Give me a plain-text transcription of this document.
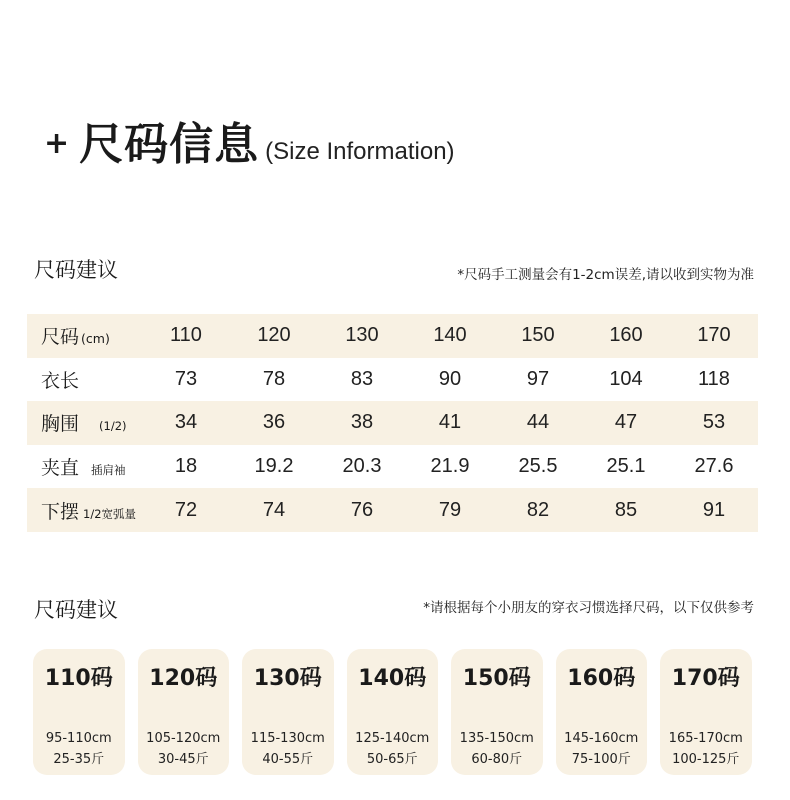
+ 尺码信息 (Size Information)
尺码建议	*尺码手工测量会有1-2cm误差,请以收到实物为准
尺码 (cm)	110	120	130	140	150	160	170
衣长	73	78	83	90	97	104	118
胸围 (1/2)	34	36	38	41	44	47	53
夹直 插肩袖	18	19.2	20.3	21.9	25.5	25.1	27.6
下摆 1/2宽弧量	72	74	76	79	82	85	91
尺码建议	*请根据每个小朋友的穿衣习惯选择尺码，以下仅供参考
110码
95-110cm
25-35斤
120码
105-120cm
30-45斤
130码
115-130cm
40-55斤
140码
125-140cm
50-65斤
150码
135-150cm
60-80斤
160码
145-160cm
75-100斤
170码
165-170cm
100-125斤
